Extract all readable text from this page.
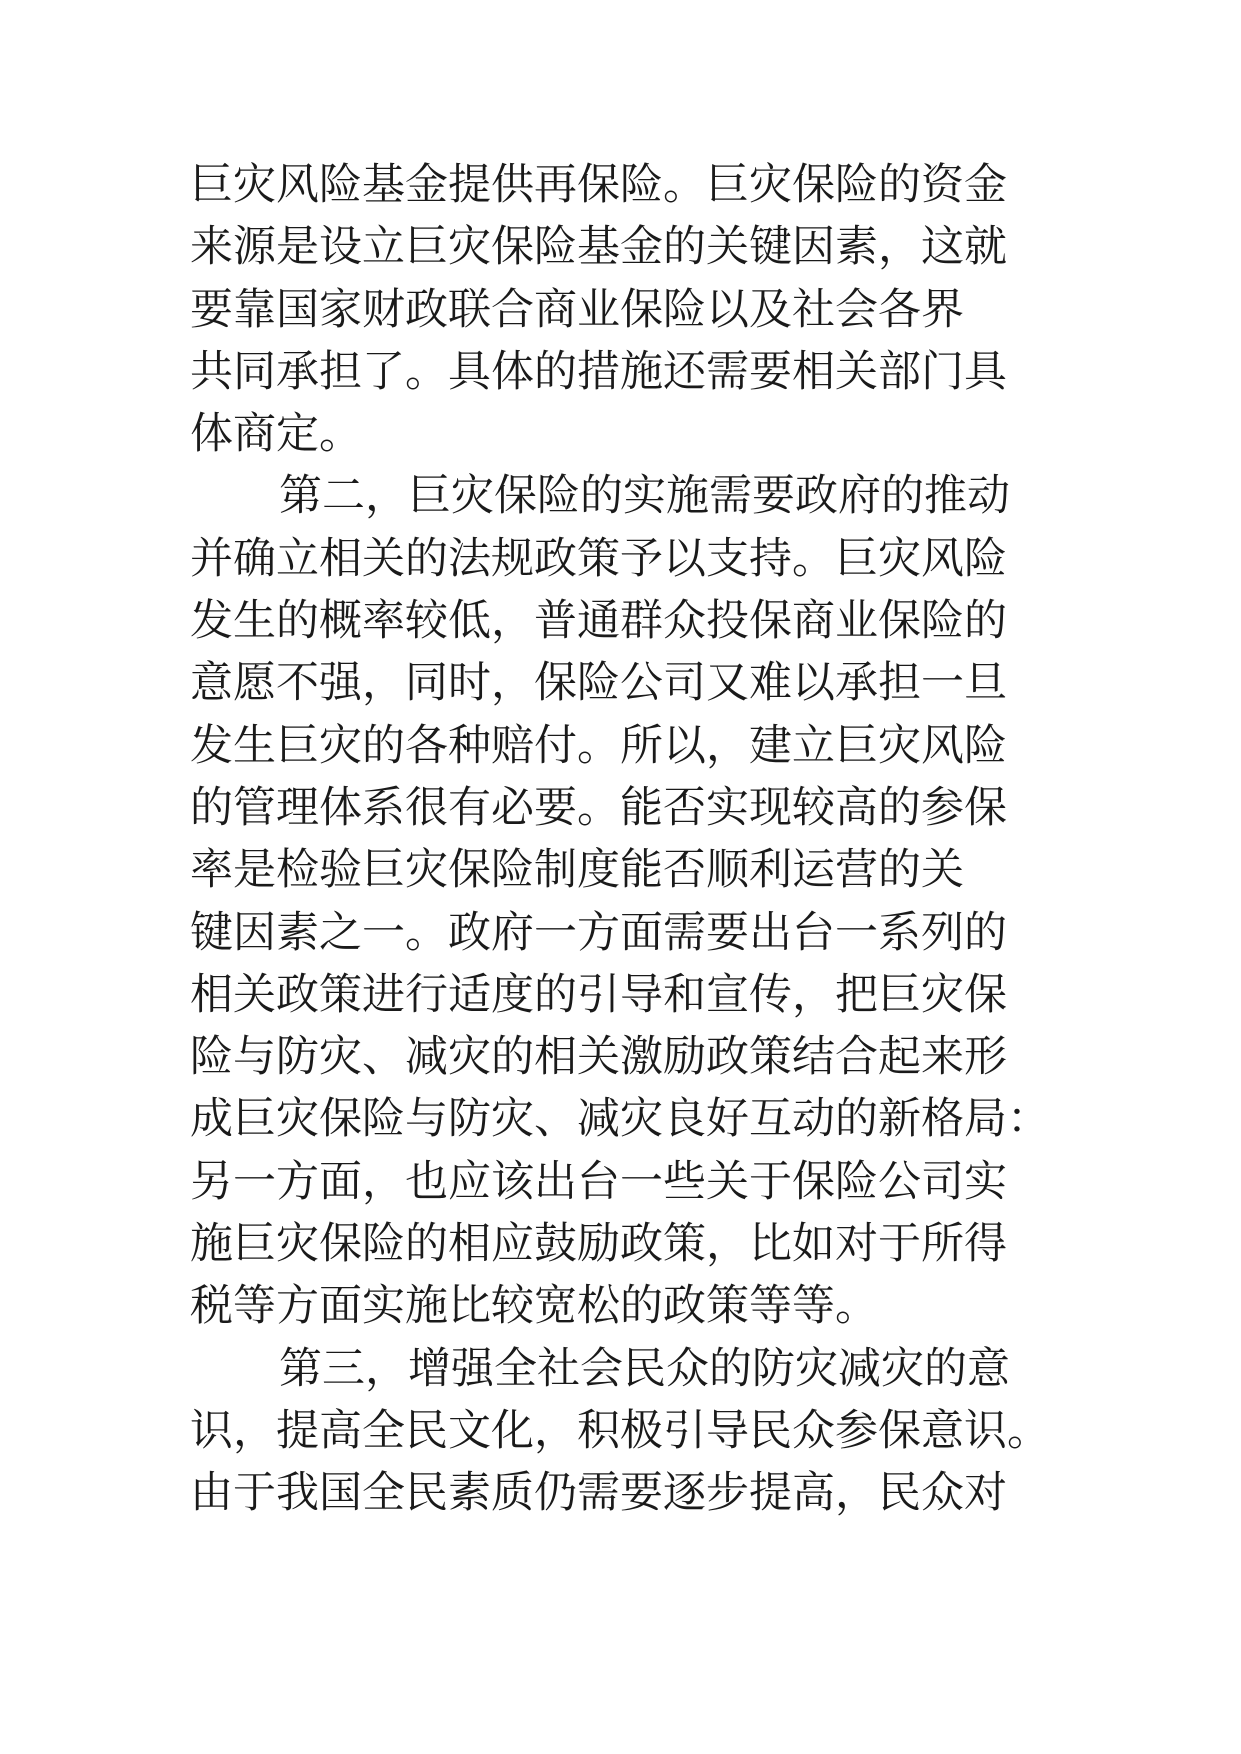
巨灾风险基金提供再保险。巨灾保险的资金
来源是设立巨灾保险基金的关键因素，这就
要靠国家财政联合商业保险以及社会各界
共同承担了。具体的措施还需要相关部门具
体商定。
第二，巨灾保险的实施需要政府的推动
并确立相关的法规政策予以支持。巨灾风险
发生的概率较低，普通群众投保商业保险的
意愿不强，同时，保险公司又难以承担一旦
发生巨灾的各种赔付。所以，建立巨灾风险
的管理体系很有必要。能否实现较高的参保
率是检验巨灾保险制度能否顺利运营的关
键因素之一。政府一方面需要出台一系列的
相关政策进行适度的引导和宣传，把巨灾保
险与防灾、减灾的相关激励政策结合起来形
成巨灾保险与防灾、减灾良好互动的新格局：
另一方面，也应该出台一些关于保险公司实
施巨灾保险的相应鼓励政策，比如对于所得
税等方面实施比较宽松的政策等等。
第三，增强全社会民众的防灾减灾的意
识，提高全民文化，积极引导民众参保意识。
由于我国全民素质仍需要逐步提高，民众对
